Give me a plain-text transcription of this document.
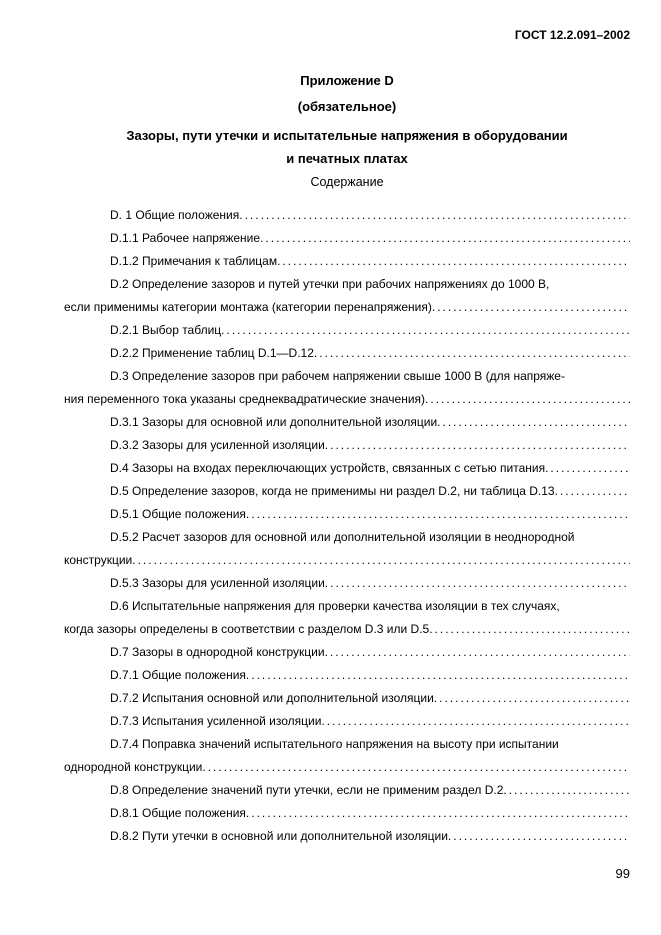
ГОСТ 12.2.091–2002
Приложение D
(обязательное)
Зазоры, пути утечки и испытательные напряжения в оборудовании
и печатных платах
Содержание
D. 1 Общие положения .....
D.1.1 Рабочее напряжение .....
D.1.2 Примечания к таблицам .....
D.2 Определение зазоров и путей утечки при рабочих напряжениях до 1000 В,
если применимы категории монтажа (категории перенапряжения) .....
D.2.1 Выбор таблиц .....
D.2.2 Применение таблиц D.1—D.12 .....
D.3 Определение зазоров при рабочем напряжении свыше 1000 В (для напряже-
ния переменного тока указаны среднеквадратические значения) .....
D.3.1 Зазоры для основной или дополнительной изоляции .....
D.3.2 Зазоры для усиленной изоляции .....
D.4 Зазоры на входах переключающих устройств, связанных с сетью питания .....
D.5 Определение зазоров, когда не применимы ни раздел D.2, ни таблица D.13 .....
D.5.1 Общие положения .....
D.5.2 Расчет зазоров для основной или дополнительной изоляции в неоднородной
конструкции .....
D.5.3 Зазоры для усиленной изоляции .....
D.6 Испытательные напряжения для проверки качества изоляции в тех случаях,
когда зазоры определены в соответствии с разделом D.3 или D.5 .....
D.7 Зазоры в однородной конструкции .....
D.7.1 Общие положения .....
D.7.2 Испытания основной или дополнительной изоляции .....
D.7.3 Испытания усиленной изоляции .....
D.7.4 Поправка значений испытательного напряжения на высоту при испытании
однородной конструкции .....
D.8 Определение значений пути утечки, если не применим раздел D.2 .....
D.8.1 Общие положения .....
D.8.2 Пути утечки в основной или дополнительной изоляции .....
99
